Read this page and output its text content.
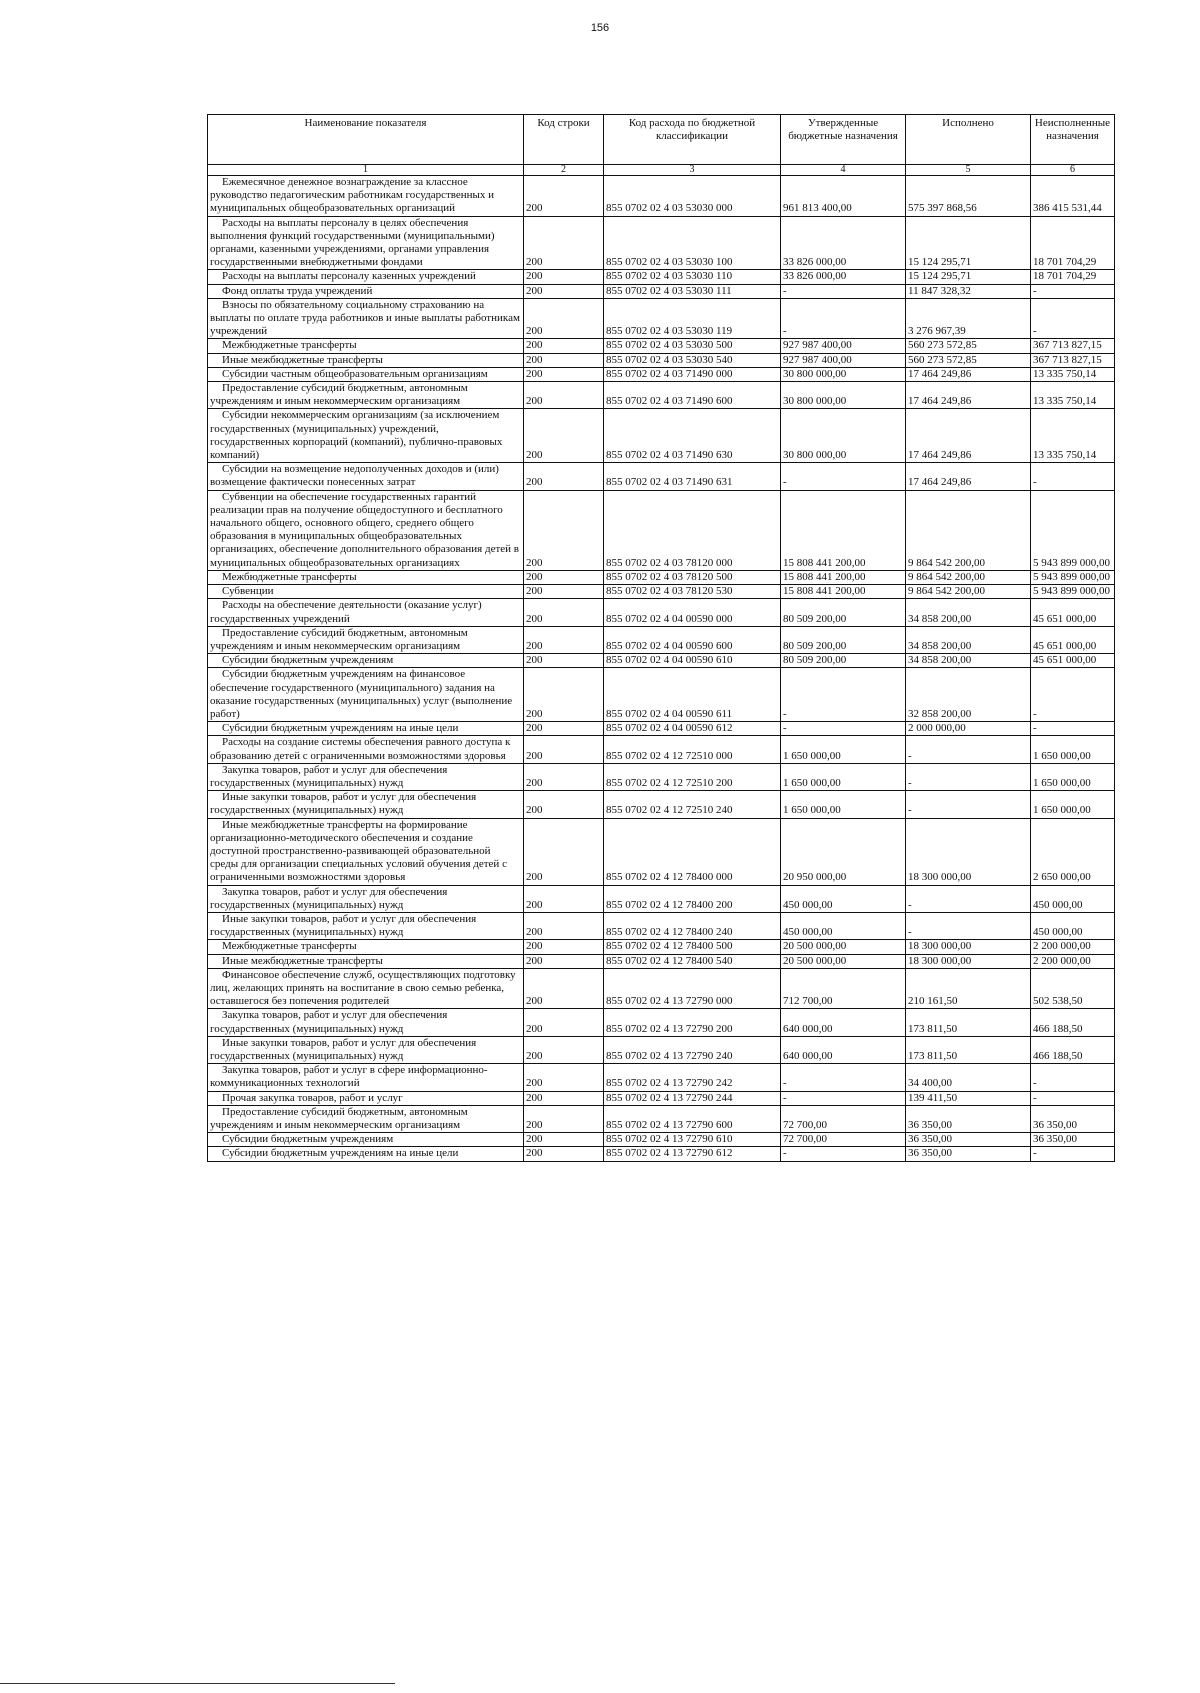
156
Наименование показателя	Код строки	Код расхода по бюджетной классификации	Утвержденные бюджетные назначения	Исполнено	Неисполненные назначения
1	2	3	4	5	6
Ежемесячное денежное вознаграждение за классное руководство педагогическим работникам государственных и муниципальных общеобразовательных организаций	200	855 0702 02 4 03 53030 000	961 813 400,00	575 397 868,56	386 415 531,44
Расходы на выплаты персоналу в целях обеспечения выполнения функций государственными (муниципальными) органами, казенными учреждениями, органами управления государственными внебюджетными фондами	200	855 0702 02 4 03 53030 100	33 826 000,00	15 124 295,71	18 701 704,29
Расходы на выплаты персоналу казенных учреждений	200	855 0702 02 4 03 53030 110	33 826 000,00	15 124 295,71	18 701 704,29
Фонд оплаты труда учреждений	200	855 0702 02 4 03 53030 111	-	11 847 328,32	-
Взносы по обязательному социальному страхованию на выплаты по оплате труда работников и иные выплаты работникам учреждений	200	855 0702 02 4 03 53030 119	-	3 276 967,39	-
Межбюджетные трансферты	200	855 0702 02 4 03 53030 500	927 987 400,00	560 273 572,85	367 713 827,15
Иные межбюджетные трансферты	200	855 0702 02 4 03 53030 540	927 987 400,00	560 273 572,85	367 713 827,15
Субсидии частным общеобразовательным организациям	200	855 0702 02 4 03 71490 000	30 800 000,00	17 464 249,86	13 335 750,14
Предоставление субсидий бюджетным, автономным учреждениям и иным некоммерческим организациям	200	855 0702 02 4 03 71490 600	30 800 000,00	17 464 249,86	13 335 750,14
Субсидии некоммерческим организациям (за исключением государственных (муниципальных) учреждений, государственных корпораций (компаний), публично-правовых компаний)	200	855 0702 02 4 03 71490 630	30 800 000,00	17 464 249,86	13 335 750,14
Субсидии на возмещение недополученных доходов и (или) возмещение фактически понесенных затрат	200	855 0702 02 4 03 71490 631	-	17 464 249,86	-
Субвенции на обеспечение государственных гарантий реализации прав на получение общедоступного и бесплатного начального общего, основного общего, среднего общего образования в муниципальных общеобразовательных организациях, обеспечение дополнительного образования детей в муниципальных общеобразовательных организациях	200	855 0702 02 4 03 78120 000	15 808 441 200,00	9 864 542 200,00	5 943 899 000,00
Межбюджетные трансферты	200	855 0702 02 4 03 78120 500	15 808 441 200,00	9 864 542 200,00	5 943 899 000,00
Субвенции	200	855 0702 02 4 03 78120 530	15 808 441 200,00	9 864 542 200,00	5 943 899 000,00
Расходы на обеспечение деятельности (оказание услуг) государственных учреждений	200	855 0702 02 4 04 00590 000	80 509 200,00	34 858 200,00	45 651 000,00
Предоставление субсидий бюджетным, автономным учреждениям и иным некоммерческим организациям	200	855 0702 02 4 04 00590 600	80 509 200,00	34 858 200,00	45 651 000,00
Субсидии бюджетным учреждениям	200	855 0702 02 4 04 00590 610	80 509 200,00	34 858 200,00	45 651 000,00
Субсидии бюджетным учреждениям на финансовое обеспечение государственного (муниципального) задания на оказание государственных (муниципальных) услуг (выполнение работ)	200	855 0702 02 4 04 00590 611	-	32 858 200,00	-
Субсидии бюджетным учреждениям на иные цели	200	855 0702 02 4 04 00590 612	-	2 000 000,00	-
Расходы на создание системы обеспечения равного доступа к образованию детей с ограниченными возможностями здоровья	200	855 0702 02 4 12 72510 000	1 650 000,00	-	1 650 000,00
Закупка товаров, работ и услуг для обеспечения государственных (муниципальных) нужд	200	855 0702 02 4 12 72510 200	1 650 000,00	-	1 650 000,00
Иные закупки товаров, работ и услуг для обеспечения государственных (муниципальных) нужд	200	855 0702 02 4 12 72510 240	1 650 000,00	-	1 650 000,00
Иные межбюджетные трансферты на формирование организационно-методического обеспечения и создание доступной пространственно-развивающей образовательной среды для организации специальных условий обучения детей с ограниченными возможностями здоровья	200	855 0702 02 4 12 78400 000	20 950 000,00	18 300 000,00	2 650 000,00
Закупка товаров, работ и услуг для обеспечения государственных (муниципальных) нужд	200	855 0702 02 4 12 78400 200	450 000,00	-	450 000,00
Иные закупки товаров, работ и услуг для обеспечения государственных (муниципальных) нужд	200	855 0702 02 4 12 78400 240	450 000,00	-	450 000,00
Межбюджетные трансферты	200	855 0702 02 4 12 78400 500	20 500 000,00	18 300 000,00	2 200 000,00
Иные межбюджетные трансферты	200	855 0702 02 4 12 78400 540	20 500 000,00	18 300 000,00	2 200 000,00
Финансовое обеспечение служб, осуществляющих подготовку лиц, желающих принять на воспитание в свою семью ребенка, оставшегося без попечения родителей	200	855 0702 02 4 13 72790 000	712 700,00	210 161,50	502 538,50
Закупка товаров, работ и услуг для обеспечения государственных (муниципальных) нужд	200	855 0702 02 4 13 72790 200	640 000,00	173 811,50	466 188,50
Иные закупки товаров, работ и услуг для обеспечения государственных (муниципальных) нужд	200	855 0702 02 4 13 72790 240	640 000,00	173 811,50	466 188,50
Закупка товаров, работ и услуг в сфере информационно-коммуникационных технологий	200	855 0702 02 4 13 72790 242	-	34 400,00	-
Прочая закупка товаров, работ и услуг	200	855 0702 02 4 13 72790 244	-	139 411,50	-
Предоставление субсидий бюджетным, автономным учреждениям и иным некоммерческим организациям	200	855 0702 02 4 13 72790 600	72 700,00	36 350,00	36 350,00
Субсидии бюджетным учреждениям	200	855 0702 02 4 13 72790 610	72 700,00	36 350,00	36 350,00
Субсидии бюджетным учреждениям на иные цели	200	855 0702 02 4 13 72790 612	-	36 350,00	-
